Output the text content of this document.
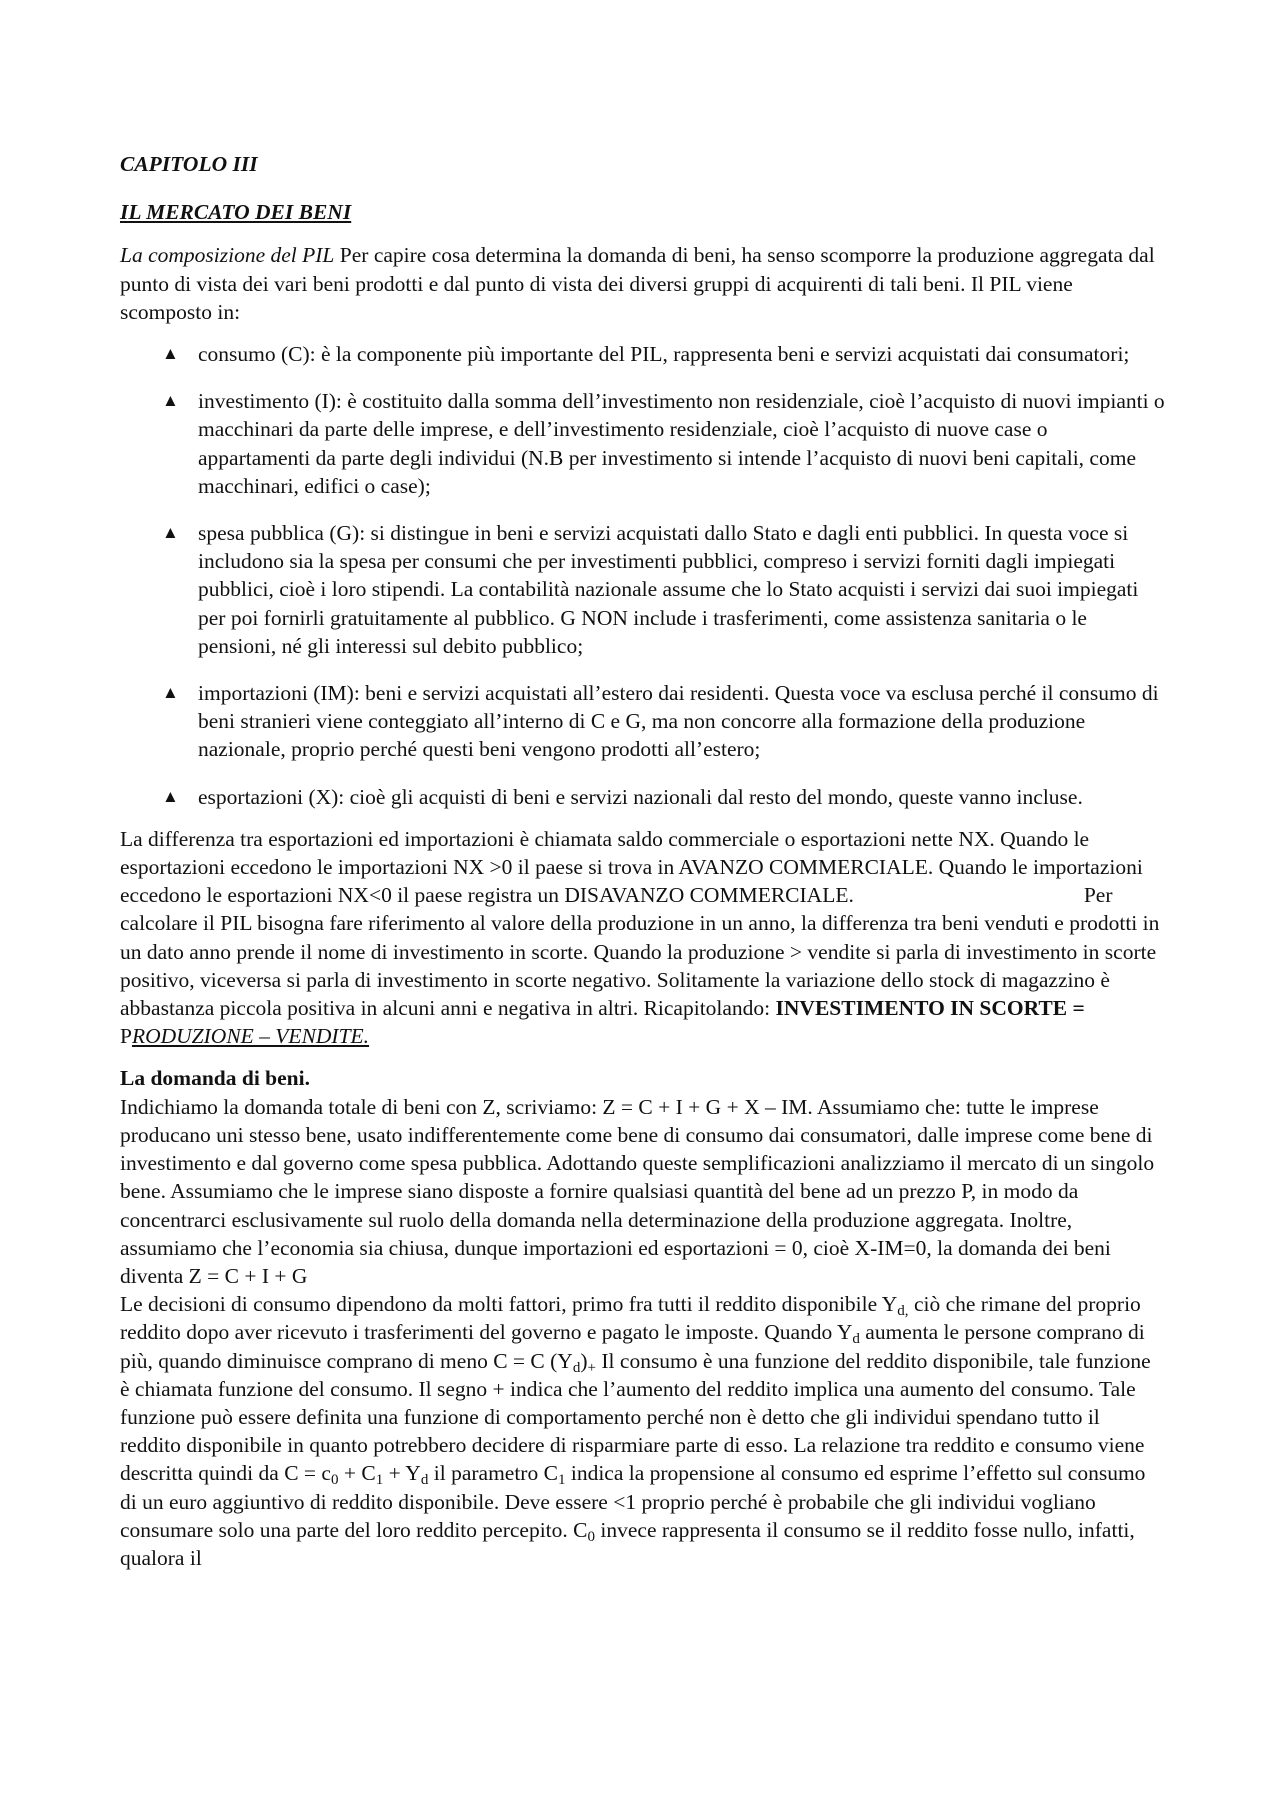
CAPITOLO III

IL MERCATO DEI BENI

La composizione del PIL Per capire cosa determina la domanda di beni, ha senso scomporre la produzione aggregata dal punto di vista dei vari beni prodotti e dal punto di vista dei diversi gruppi di acquirenti di tali beni. Il PIL viene scomposto in:

▲ consumo (C): è la componente più importante del PIL, rappresenta beni e servizi acquistati dai consumatori;
▲ investimento (I): è costituito dalla somma dell’investimento non residenziale, cioè l’acquisto di nuovi impianti o macchinari da parte delle imprese, e dell’investimento residenziale, cioè l’acquisto di nuove case o appartamenti da parte degli individui (N.B per investimento si intende l’acquisto di nuovi beni capitali, come macchinari, edifici o case);
▲ spesa pubblica (G): si distingue in beni e servizi acquistati dallo Stato e dagli enti pubblici. In questa voce si includono sia la spesa per consumi che per investimenti pubblici, compreso i servizi forniti dagli impiegati pubblici, cioè i loro stipendi. La contabilità nazionale assume che lo Stato acquisti i servizi dai suoi impiegati per poi fornirli gratuitamente al pubblico. G NON include i trasferimenti, come assistenza sanitaria o le pensioni, né gli interessi sul debito pubblico;
▲ importazioni (IM): beni e servizi acquistati all’estero dai residenti. Questa voce va esclusa perché il consumo di beni stranieri viene conteggiato all’interno di C e G, ma non concorre alla formazione della produzione nazionale, proprio perché questi beni vengono prodotti all’estero;
▲ esportazioni (X): cioè gli acquisti di beni e servizi nazionali dal resto del mondo, queste vanno incluse.

La differenza tra esportazioni ed importazioni è chiamata saldo commerciale o esportazioni nette NX. Quando le esportazioni eccedono le importazioni NX >0 il paese si trova in AVANZO COMMERCIALE. Quando le importazioni eccedono le esportazioni NX<0 il paese registra un DISAVANZO COMMERCIALE.	Per calcolare il PIL bisogna fare riferimento al valore della produzione in un anno, la differenza tra beni venduti e prodotti in un dato anno prende il nome di investimento in scorte. Quando la produzione > vendite si parla di investimento in scorte positivo, viceversa si parla di investimento in scorte negativo. Solitamente la variazione dello stock di magazzino è abbastanza piccola positiva in alcuni anni e negativa in altri. Ricapitolando: INVESTIMENTO IN SCORTE =
PRODUZIONE – VENDITE.

La domanda di beni.

Indichiamo la domanda totale di beni con Z, scriviamo: Z = C + I + G + X – IM. Assumiamo che: tutte le imprese producano uni stesso bene, usato indifferentemente come bene di consumo dai consumatori, dalle imprese come bene di investimento e dal governo come spesa pubblica. Adottando queste semplificazioni analizziamo il mercato di un singolo bene. Assumiamo che le imprese siano disposte a fornire qualsiasi quantità del bene ad un prezzo P, in modo da concentrarci esclusivamente sul ruolo della domanda nella determinazione della produzione aggregata. Inoltre, assumiamo che l’economia sia chiusa, dunque importazioni ed esportazioni = 0, cioè X-IM=0, la domanda dei beni diventa Z = C + I + G

Le decisioni di consumo dipendono da molti fattori, primo fra tutti il reddito disponibile $Y_{d,}$ ciò che rimane del proprio reddito dopo aver ricevuto i trasferimenti del governo e pagato le imposte. Quando $Y_d$ aumenta le persone comprano di più, quando diminuisce comprano di meno C = C $(Y_d)_+$ Il consumo è una funzione del reddito disponibile, tale funzione è chiamata funzione del consumo. Il segno + indica che l’aumento del reddito implica una aumento del consumo. Tale funzione può essere definita una funzione di comportamento perché non è detto che gli individui spendano tutto il reddito disponibile in quanto potrebbero decidere di risparmiare parte di esso. La relazione tra reddito e consumo viene descritta quindi da $C = c_0 + C_1 + Y_d$ il parametro $C_1$ indica la propensione al consumo ed esprime l’effetto sul consumo di un euro aggiuntivo di reddito disponibile. Deve essere <1 proprio perché è probabile che gli individui vogliano consumare solo una parte del loro reddito percepito. $C_0$ invece rappresenta il consumo se il reddito fosse nullo, infatti, qualora il
